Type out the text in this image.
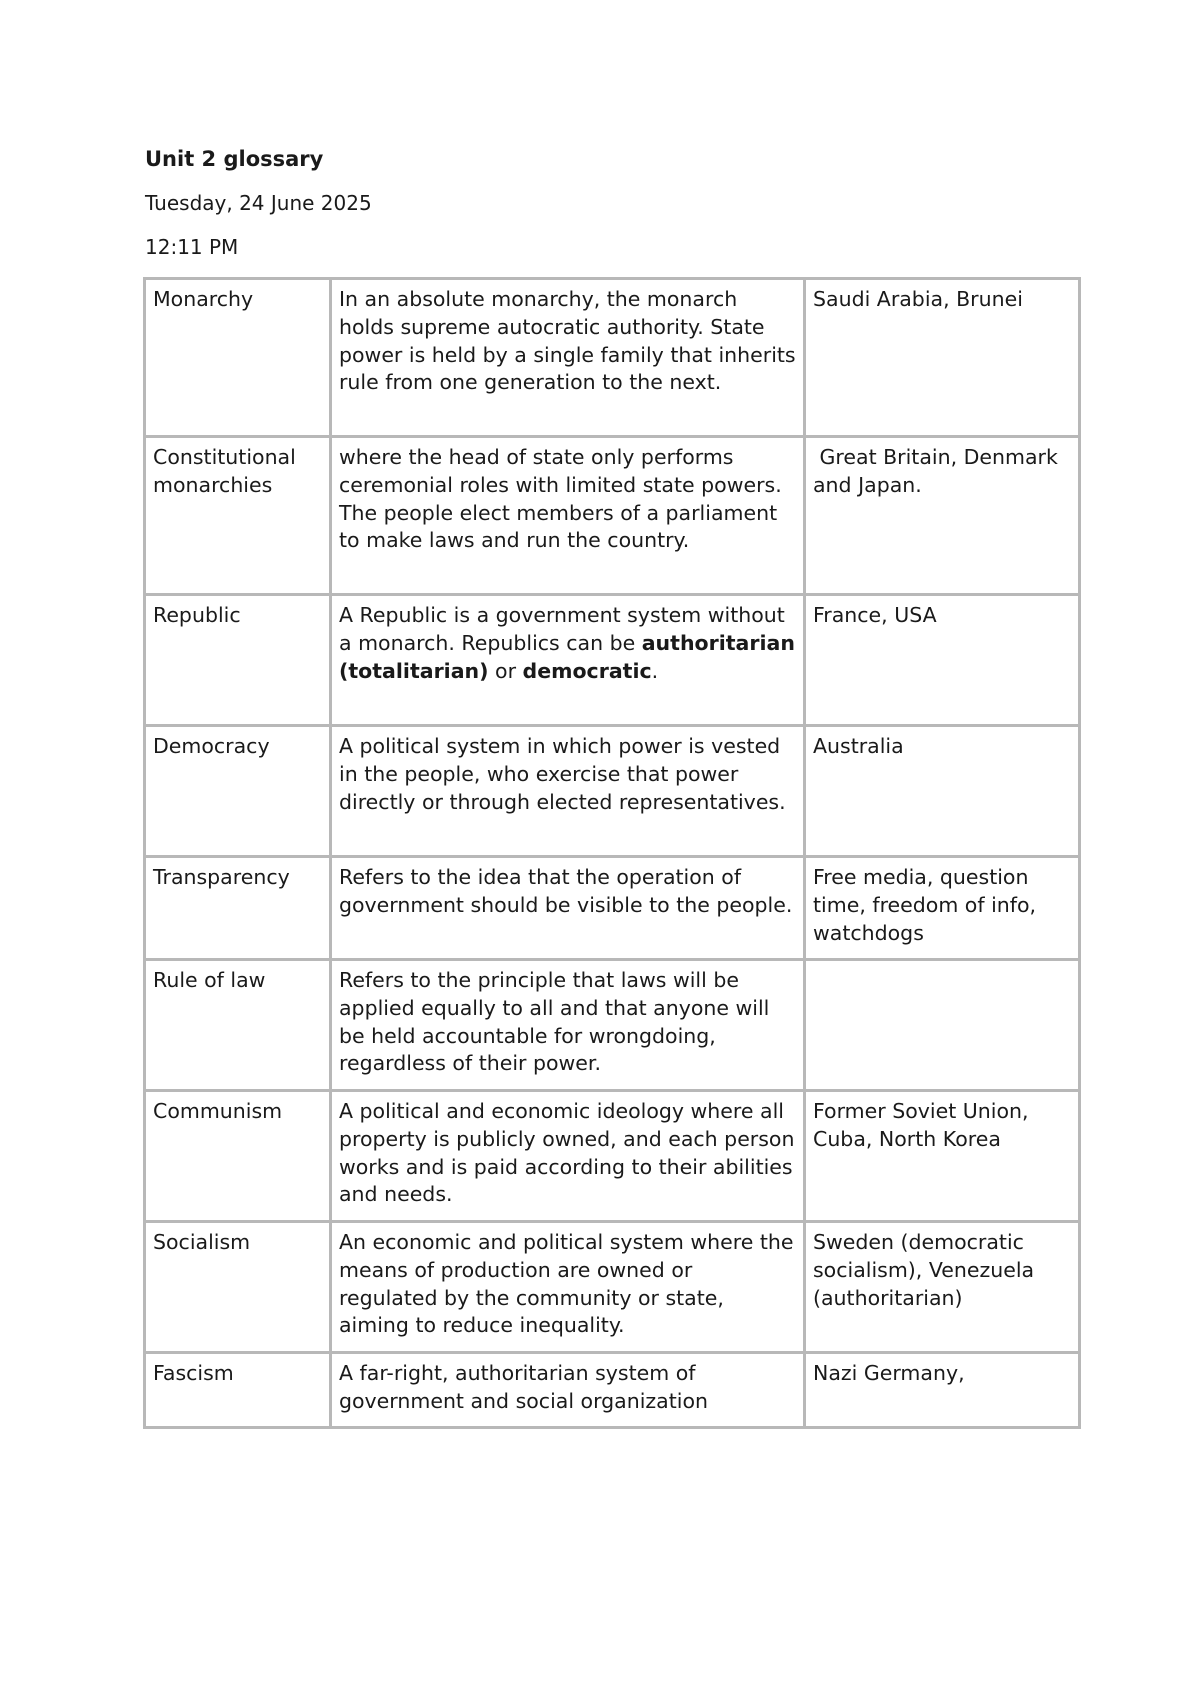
Unit 2 glossary

Tuesday, 24 June 2025

12:11 PM

Monarchy	In an absolute monarchy, the monarch holds supreme autocratic authority. State power is held by a single family that inherits rule from one generation to the next.	Saudi Arabia, Brunei
Constitutional monarchies	where the head of state only performs ceremonial roles with limited state powers. The people elect members of a parliament to make laws and run the country.	Great Britain, Denmark and Japan.
Republic	A Republic is a government system without a monarch. Republics can be authoritarian (totalitarian) or democratic.	France, USA
Democracy	A political system in which power is vested in the people, who exercise that power directly or through elected representatives.	Australia
Transparency	Refers to the idea that the operation of government should be visible to the people.	Free media, question time, freedom of info, watchdogs
Rule of law	Refers to the principle that laws will be applied equally to all and that anyone will be held accountable for wrongdoing, regardless of their power.	
Communism	A political and economic ideology where all property is publicly owned, and each person works and is paid according to their abilities and needs.	Former Soviet Union, Cuba, North Korea
Socialism	An economic and political system where the means of production are owned or regulated by the community or state, aiming to reduce inequality.	Sweden (democratic socialism), Venezuela (authoritarian)
Fascism	A far-right, authoritarian system of government and social organization	Nazi Germany,
